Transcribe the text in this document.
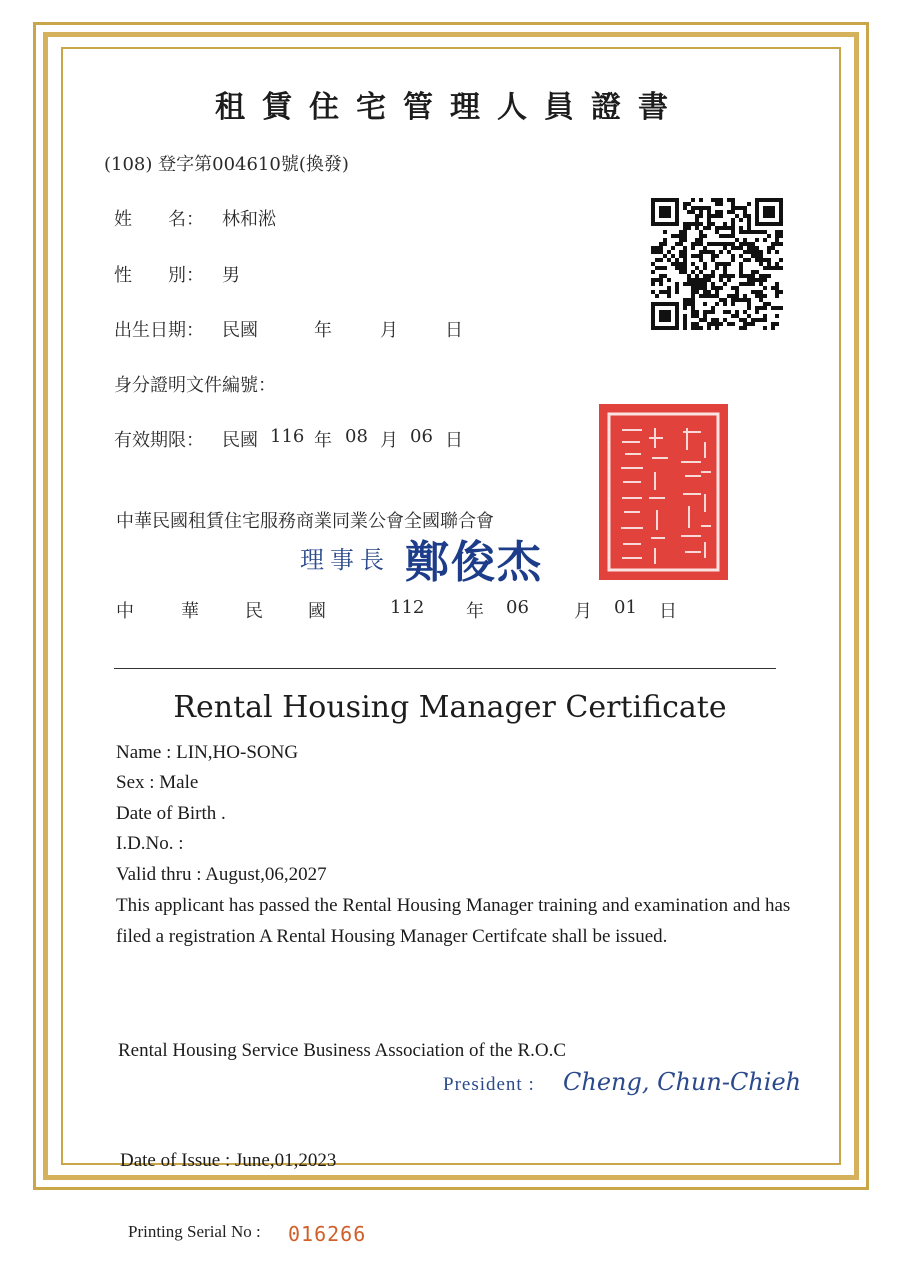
租賃住宅管理人員證書
(108) 登字第004610號(換發)
姓　　名： 林和淞
性　　別： 男
出生日期： 民國	年	月	日
身分證明文件編號：
有效期限： 民國 116 年 08 月 06 日
中華民國租賃住宅服務商業同業公會全國聯合會
理事長 鄭俊杰
中	華	民	國	112 年 06	月 01 日
Rental Housing Manager Certificate
Name : LIN,HO-SONG
Sex : Male
Date of Birth .
I.D.No. :
Valid thru : August,06,2027
This applicant has passed the Rental Housing Manager training and examination and has filed a registration A Rental Housing Manager Certifcate shall be issued.
Rental Housing Service Business Association of the R.O.C
President : Cheng, Chun-Chieh
Date of Issue : June,01,2023
Printing Serial No : 016266
